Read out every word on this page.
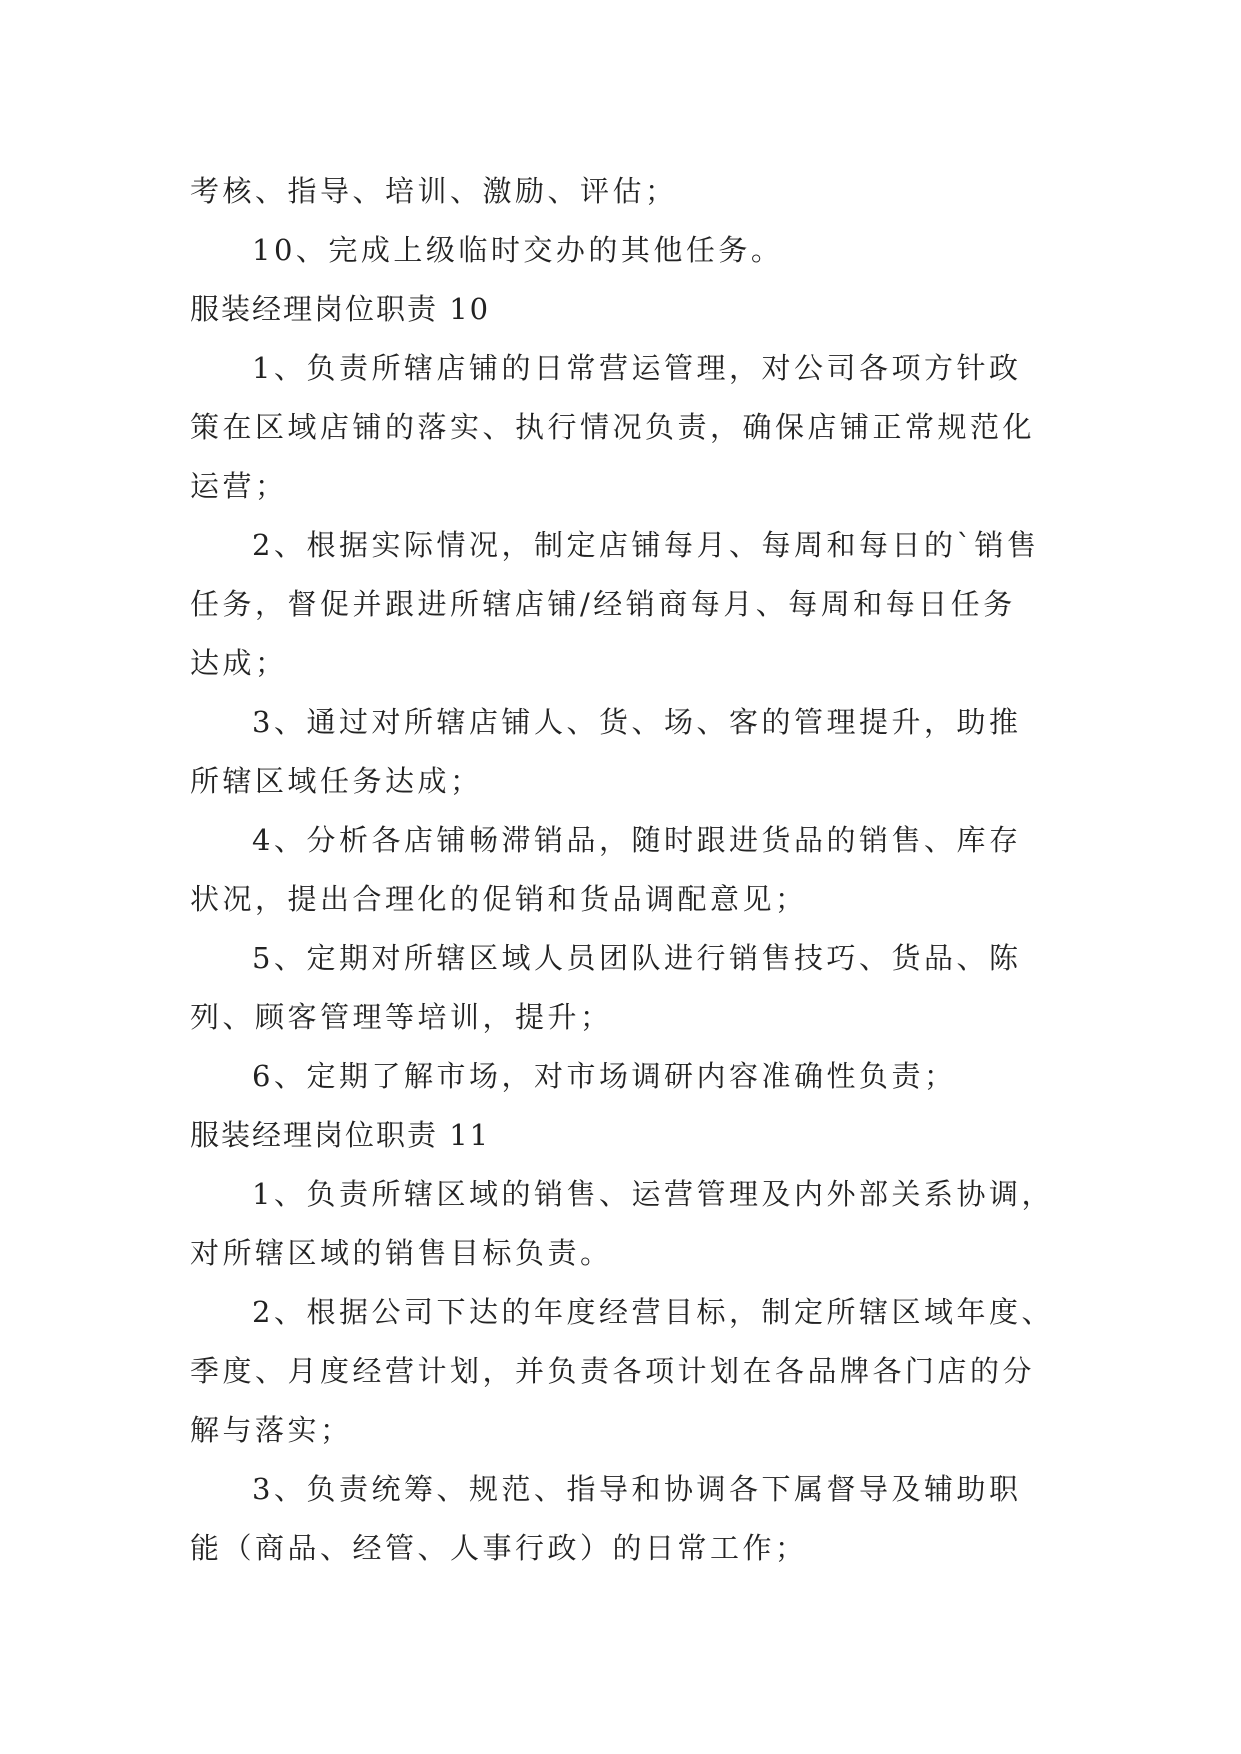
考核、指导、培训、激励、评估；
10、完成上级临时交办的其他任务。
服装经理岗位职责 10
1、负责所辖店铺的日常营运管理，对公司各项方针政
策在区域店铺的落实、执行情况负责，确保店铺正常规范化
运营；
2、根据实际情况，制定店铺每月、每周和每日的`销售
任务，督促并跟进所辖店铺/经销商每月、每周和每日任务
达成；
3、通过对所辖店铺人、货、场、客的管理提升，助推
所辖区域任务达成；
4、分析各店铺畅滞销品，随时跟进货品的销售、库存
状况，提出合理化的促销和货品调配意见；
5、定期对所辖区域人员团队进行销售技巧、货品、陈
列、顾客管理等培训，提升；
6、定期了解市场，对市场调研内容准确性负责；
服装经理岗位职责 11
1、负责所辖区域的销售、运营管理及内外部关系协调，
对所辖区域的销售目标负责。
2、根据公司下达的年度经营目标，制定所辖区域年度、
季度、月度经营计划，并负责各项计划在各品牌各门店的分
解与落实；
3、负责统筹、规范、指导和协调各下属督导及辅助职
能（商品、经管、人事行政）的日常工作；
